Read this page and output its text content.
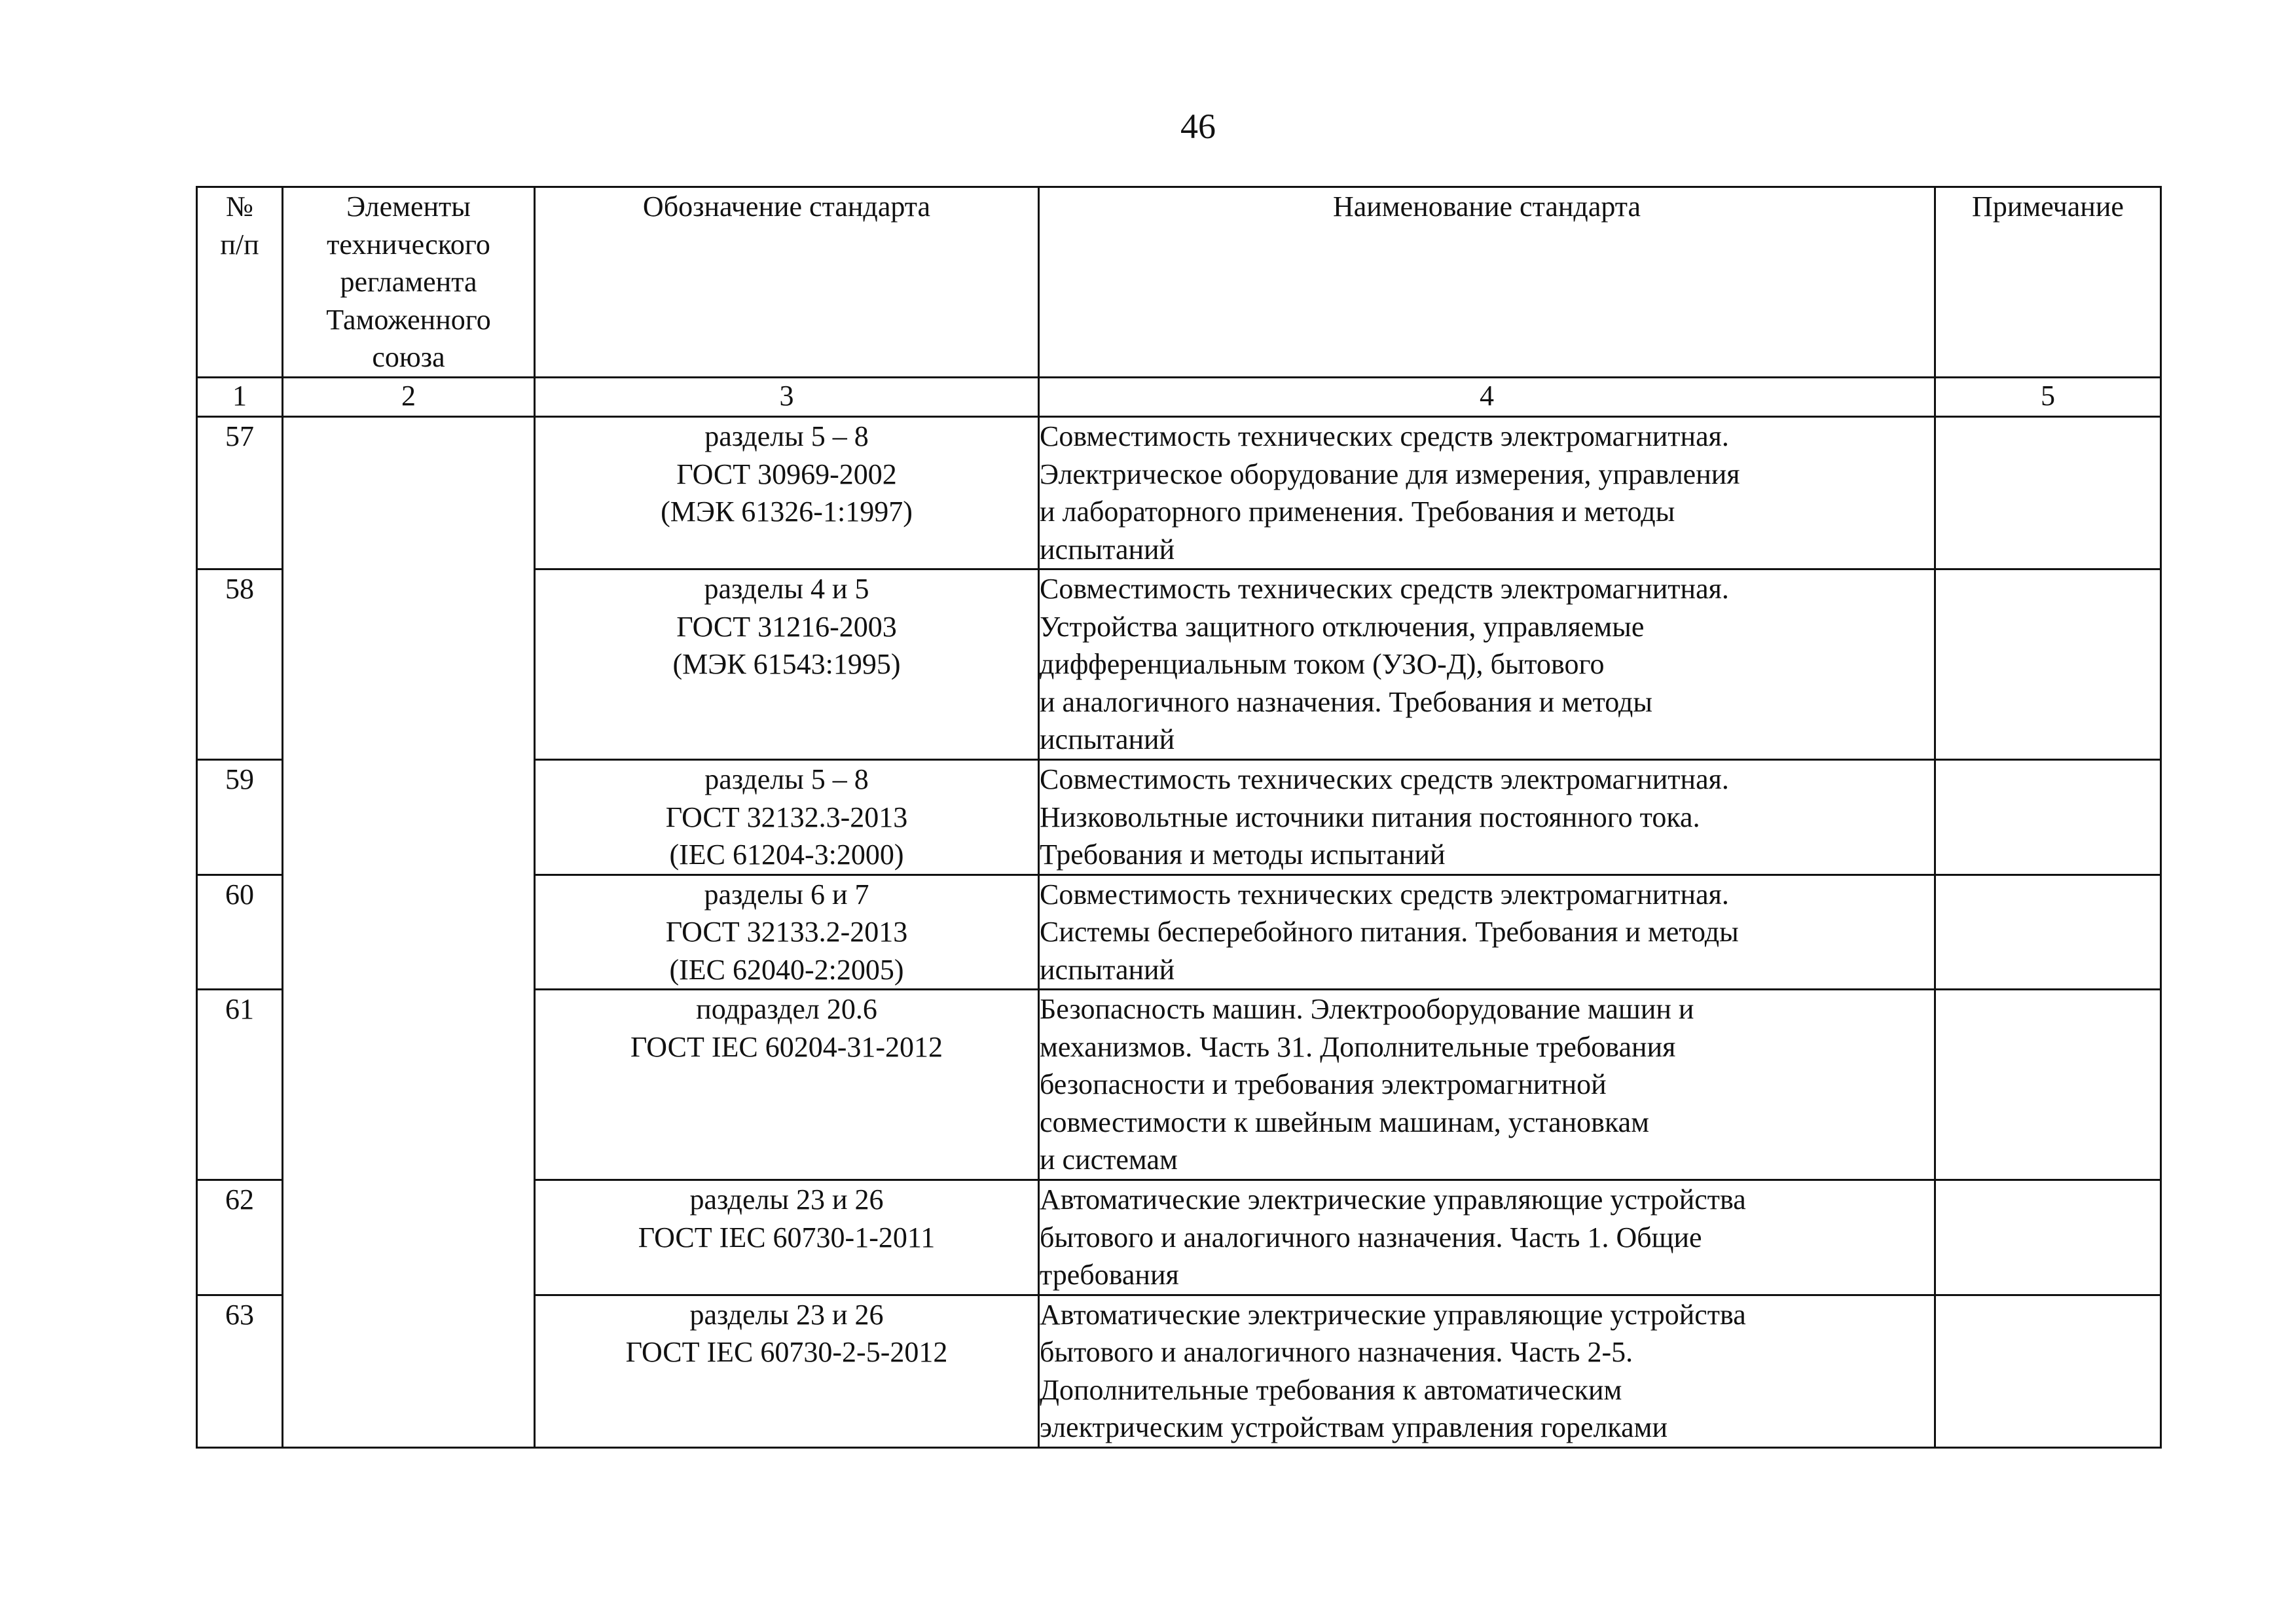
46
№
п/п	Элементы
технического
регламента
Таможенного
союза	Обозначение стандарта	Наименование стандарта	Примечание

1	2	3	4	5
57		разделы 5 – 8
ГОСТ 30969-2002
(МЭК 61326-1:1997)	Совместимость технических средств электромагнитная.
Электрическое оборудование для измерения, управления
и лабораторного применения. Требования и методы
испытаний	

58		разделы 4 и 5
ГОСТ 31216-2003
(МЭК 61543:1995)	Совместимость технических средств электромагнитная.
Устройства защитного отключения, управляемые
дифференциальным током (УЗО-Д), бытового
и аналогичного назначения. Требования и методы
испытаний	

59		разделы 5 – 8
ГОСТ 32132.3-2013
(IEC 61204-3:2000)	Совместимость технических средств электромагнитная.
Низковольтные источники питания постоянного тока.
Требования и методы испытаний	

60		разделы 6 и 7
ГОСТ 32133.2-2013
(IEC 62040-2:2005)	Совместимость технических средств электромагнитная.
Системы бесперебойного питания. Требования и методы
испытаний	

61		подраздел 20.6
ГОСТ IEC 60204-31-2012	Безопасность машин. Электрооборудование машин и
механизмов. Часть 31. Дополнительные требования
безопасности и требования электромагнитной
совместимости к швейным машинам, установкам
и системам	

62		разделы 23 и 26
ГОСТ IEC 60730-1-2011	Автоматические электрические управляющие устройства
бытового и аналогичного назначения. Часть 1. Общие
требования	

63		разделы 23 и 26
ГОСТ IEC 60730-2-5-2012	Автоматические электрические управляющие устройства
бытового и аналогичного назначения. Часть 2-5.
Дополнительные требования к автоматическим
электрическим устройствам управления горелками	
